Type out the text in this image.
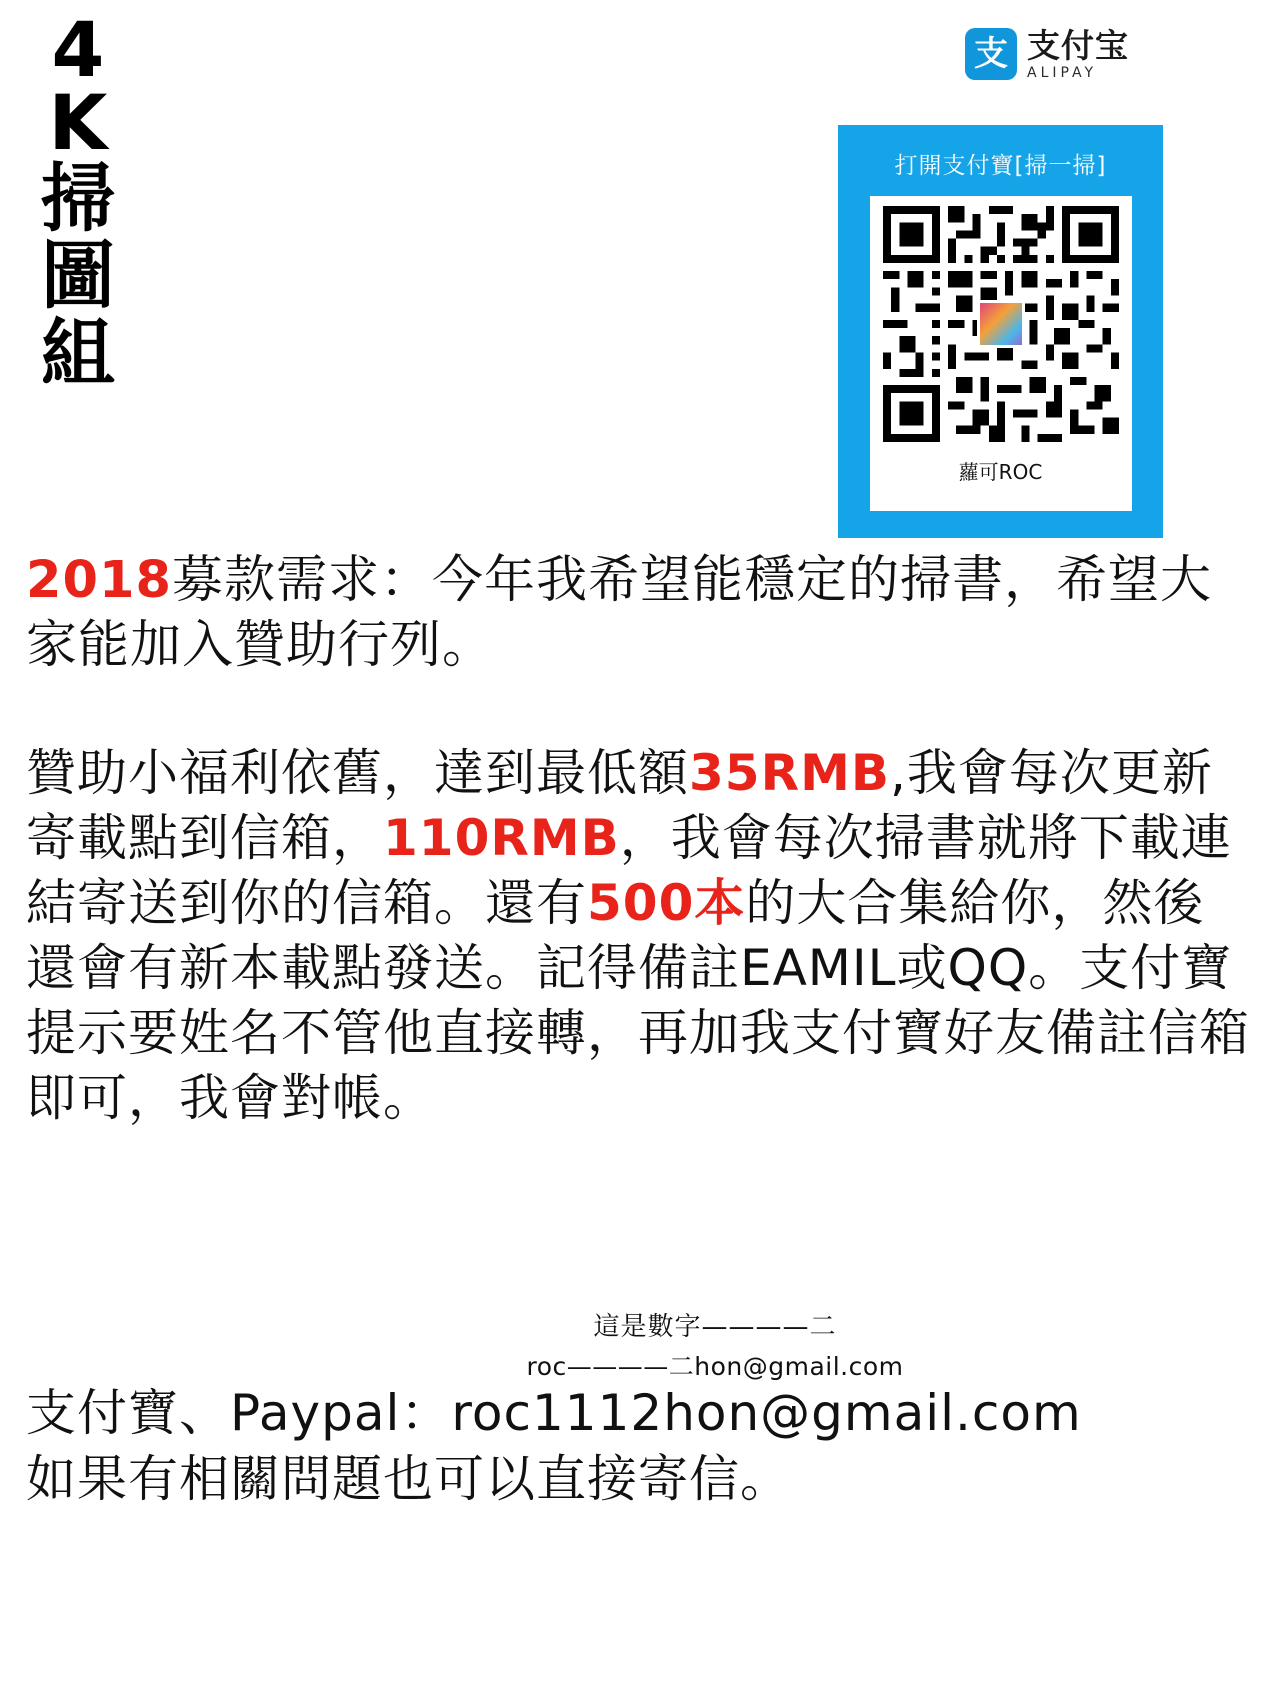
4
K
掃
圖
組
支 支付宝
ALIPAY
打開支付寶[掃一掃]
蘿可ROC

2018募款需求：今年我希望能穩定的掃書，希望大家能加入贊助行列。

贊助小福利依舊，達到最低額35RMB,我會每次更新寄載點到信箱，110RMB，我會每次掃書就將下載連結寄送到你的信箱。還有500本的大合集給你，然後還會有新本載點發送。記得備註EAMIL或QQ。支付寶提示要姓名不管他直接轉，再加我支付寶好友備註信箱即可，我會對帳。

這是數字————二
roc————二hon@gmail.com
支付寶、Paypal：roc1112hon@gmail.com
如果有相關問題也可以直接寄信。
